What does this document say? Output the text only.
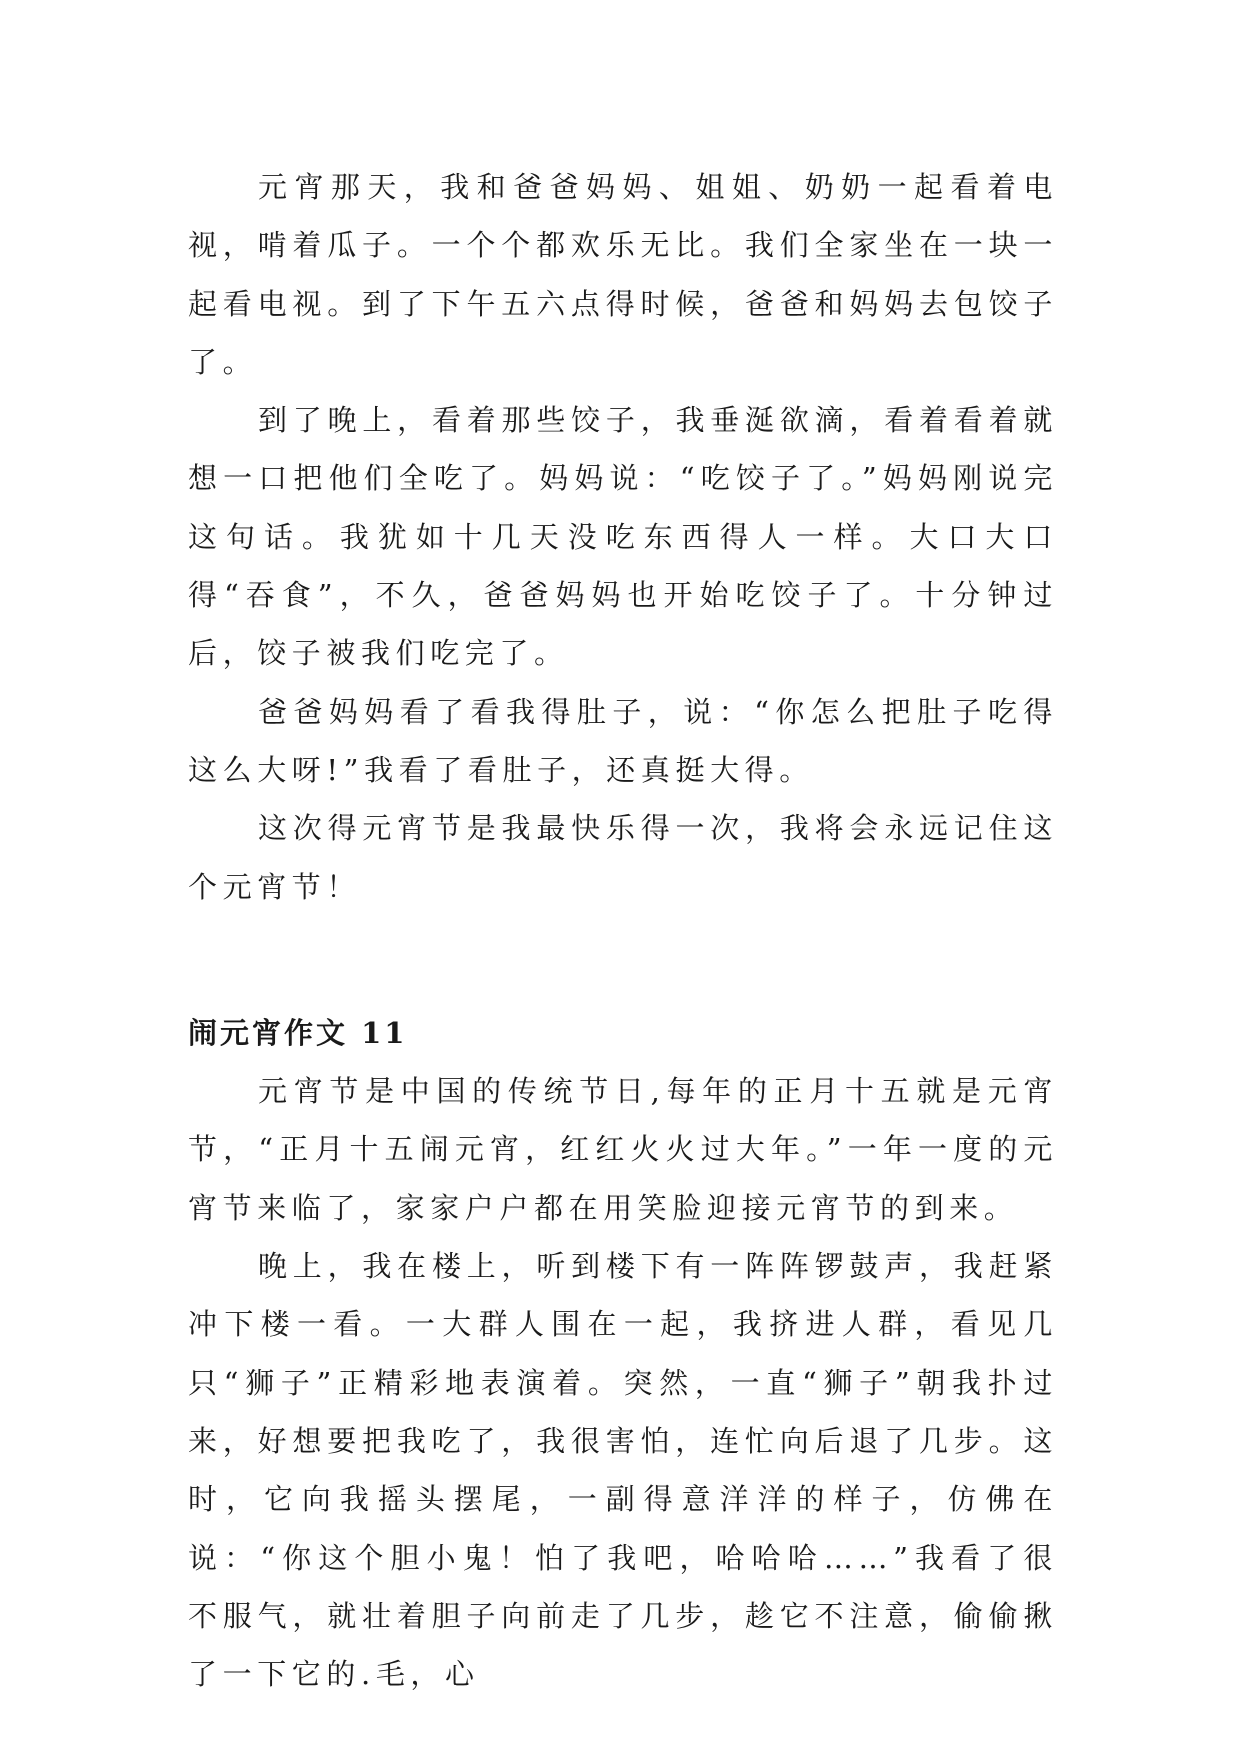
元宵那天，我和爸爸妈妈、姐姐、奶奶一起看着电视，啃着瓜子。一个个都欢乐无比。我们全家坐在一块一起看电视。到了下午五六点得时候，爸爸和妈妈去包饺子了。

到了晚上，看着那些饺子，我垂涎欲滴，看着看着就想一口把他们全吃了。妈妈说：“吃饺子了。”妈妈刚说完这句话。我犹如十几天没吃东西得人一样。大口大口得“吞食”，不久，爸爸妈妈也开始吃饺子了。十分钟过后，饺子被我们吃完了。

爸爸妈妈看了看我得肚子，说：“你怎么把肚子吃得这么大呀!”我看了看肚子，还真挺大得。

这次得元宵节是我最快乐得一次，我将会永远记住这个元宵节！

闹元宵作文 11

元宵节是中国的传统节日,每年的正月十五就是元宵节，“正月十五闹元宵，红红火火过大年。”一年一度的元宵节来临了，家家户户都在用笑脸迎接元宵节的到来。

晚上，我在楼上，听到楼下有一阵阵锣鼓声，我赶紧冲下楼一看。一大群人围在一起，我挤进人群，看见几只“狮子”正精彩地表演着。突然，一直“狮子”朝我扑过来，好想要把我吃了，我很害怕，连忙向后退了几步。这时，它向我摇头摆尾，一副得意洋洋的样子，仿佛在说：“你这个胆小鬼！怕了我吧，哈哈哈……”我看了很不服气，就壮着胆子向前走了几步，趁它不注意，偷偷揪了一下它的.毛，心
